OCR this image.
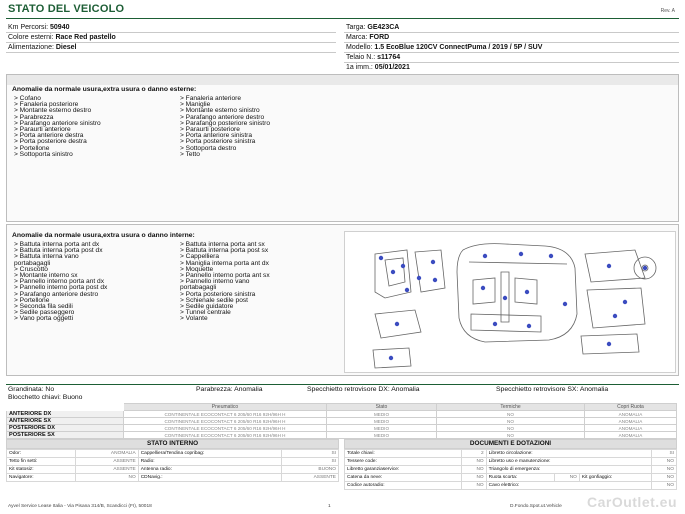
STATO DEL VEICOLO	Rev. A
Km Percorsi: 50940
Colore esterni: Race Red pastello
Alimentazione: Diesel
Targa: GE423CA
Marca: FORD
Modello: 1.5 EcoBlue 120CV ConnectPuma / 2019 / 5P / SUV
Telaio N.: s11764
1a imm.: 05/01/2021
Anomalie da normale usura,extra usura o danno esterne:
> Cofano
> Fanaleria posteriore
> Montante esterno destro
> Parabrezza
> Parafango anteriore sinistro
> Paraurti anteriore
> Porta anteriore destra
> Porta posteriore destra
> Portellone
> Sottoporta sinistro
> Fanaleria anteriore
> Maniglie
> Montante esterno sinistro
> Parafango anteriore destro
> Parafango posteriore sinistro
> Paraurti posteriore
> Porta anteriore sinistra
> Porta posteriore sinistra
> Sottoporta destro
> Tetto
Anomalie da normale usura,extra usura o danno interne:
> Battuta interna porta ant dx
> Battuta interna porta post dx
> Battuta interna vano
portabagagli
> Cruscotto
> Montante interno sx
> Pannello interno porta ant dx
> Pannello interno porta post dx
> Parafango anteriore destro
> Portellone
> Seconda fila sedili
> Sedile passeggero
> Vano porta oggetti
> Battuta interna porta ant sx
> Battuta interna porta post sx
> Cappelliera
> Maniglia interna porta ant dx
> Moquette
> Pannello interno porta ant sx
> Pannello interno vano
portabagagli
> Porta posteriore sinistra
> Schienale sedile post
> Sedile guidatore
> Tunnel centrale
> Volante
Grandinata: No	Parabrezza: Anomalia	Specchietto retrovisore DX: Anomalia	Specchietto retrovisore SX: Anomalia
Blocchetto chiavi: Buono
	Pneumatico	Stato	Termiche	Copri Ruota
ANTERIORE DX	CONTINENTALE ECOCONTACT 6 205/60 R16 92H/96H H	MEDIO	NO	ANOMALIA
ANTERIORE SX	CONTINENTALE ECOCONTACT 6 205/60 R16 92H/96H H	MEDIO	NO	ANOMALIA
POSTERIORE DX	CONTINENTALE ECOCONTACT 6 205/60 R16 92H/96H H	MEDIO	NO	ANOMALIA
POSTERIORE SX	CONTINENTALE ECOCONTACT 6 205/60 R16 92H/96H H	MEDIO	NO	ANOMALIA
STATO INTERNO
Odor:	ANOMALIA	Cappelliera/Tendina copribag:	SI
Tetto fin setti:	ASSENTE	Radio:	SI
Kit statosiz:	ASSENTE	Antenna radio:	BUONO
Navigatore:	NO	CDNavig.:	ASSENTE
DOCUMENTI E DOTAZIONI
Totale chiavi:	2	Libretto circolazione:			SI
Tessere code:	NO	Libretto uso e manutenzione:			NO
Libretto garanziaservice:	NO	Triangolo di emergenza:			NO
Catena da neve:	NO	Ruota scorta:	NO	Kit gonfiaggio:	NO
Codice autoradio:	NO	Cavo elettrico:			NO
Ayvel Service Lease Italia - Via Pisana 314/B, Scandicci (FI), 50018	1	D.Fondo.Spot.ut.Vehicle CarOutlet.eu
